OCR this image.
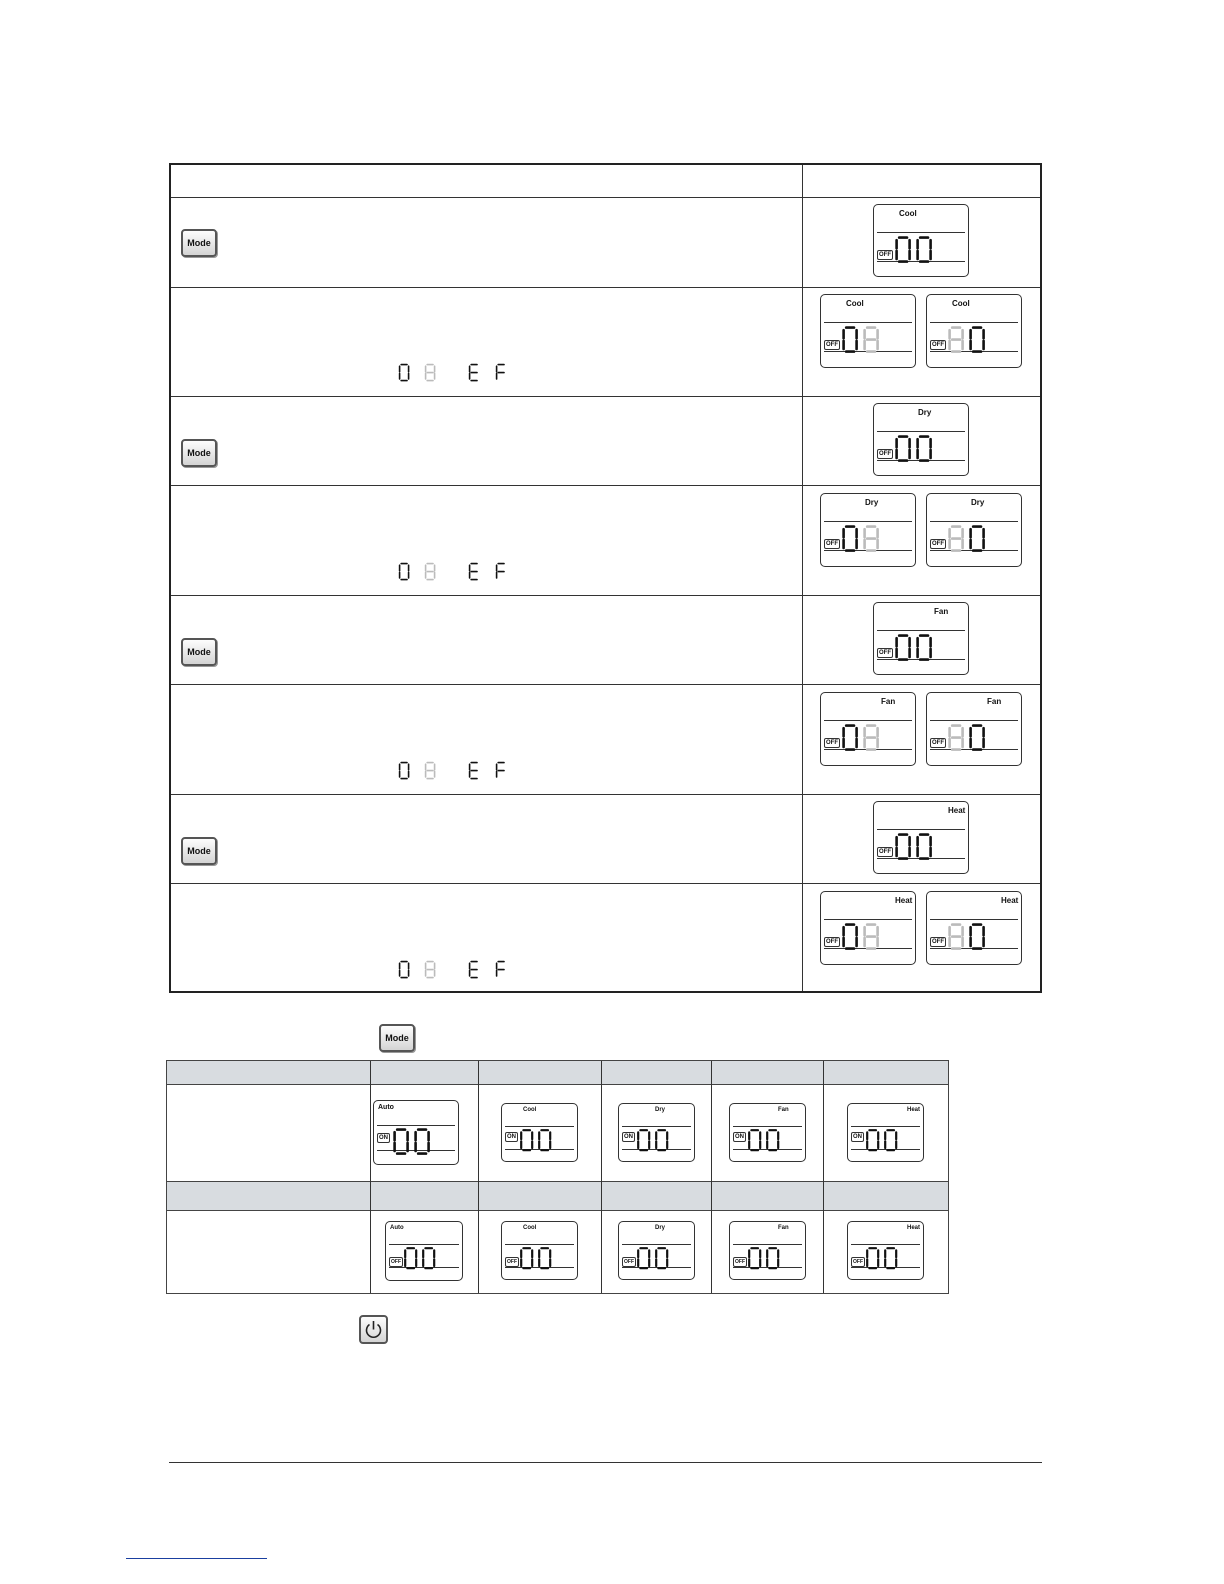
Mode
Mode
Mode
Mode
Cool
OFF
Cool
OFF
Cool
OFF
Dry
OFF
Dry
OFF
Dry
OFF
Fan
OFF
Fan
OFF
Fan
OFF
Heat
OFF
Heat
OFF
Heat
OFF
Mode
Auto
ON
Cool
ON
Dry
ON
Fan
ON
Heat
ON
Auto
OFF
Cool
OFF
Dry
OFF
Fan
OFF
Heat
OFF
